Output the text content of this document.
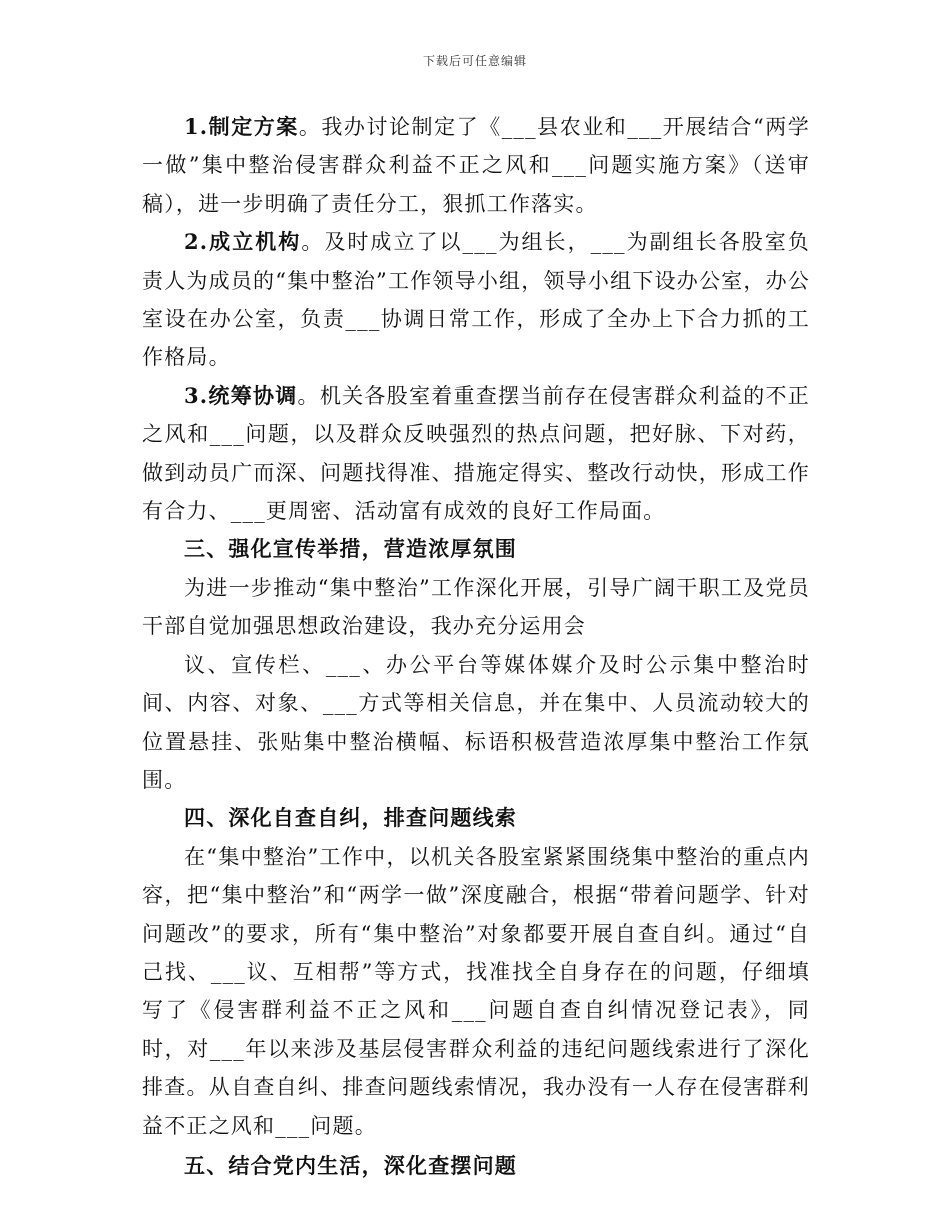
下载后可任意编辑

1.制定方案。我办讨论制定了《___县农业和___开展结合“两学一做”集中整治侵害群众利益不正之风和___问题实施方案》（送审稿），进一步明确了责任分工，狠抓工作落实。

2.成立机构。及时成立了以___为组长，___为副组长各股室负责人为成员的“集中整治”工作领导小组，领导小组下设办公室，办公室设在办公室，负责___协调日常工作，形成了全办上下合力抓的工作格局。

3.统筹协调。机关各股室着重查摆当前存在侵害群众利益的不正之风和___问题，以及群众反映强烈的热点问题，把好脉、下对药，做到动员广而深、问题找得准、措施定得实、整改行动快，形成工作有合力、___更周密、活动富有成效的良好工作局面。

三、强化宣传举措，营造浓厚氛围

为进一步推动“集中整治”工作深化开展，引导广阔干职工及党员干部自觉加强思想政治建设，我办充分运用会

议、宣传栏、___、办公平台等媒体媒介及时公示集中整治时间、内容、对象、___方式等相关信息，并在集中、人员流动较大的位置悬挂、张贴集中整治横幅、标语积极营造浓厚集中整治工作氛围。

四、深化自查自纠，排查问题线索

在“集中整治”工作中，以机关各股室紧紧围绕集中整治的重点内容，把“集中整治”和“两学一做”深度融合，根据“带着问题学、针对问题改”的要求，所有“集中整治”对象都要开展自查自纠。通过“自己找、___议、互相帮”等方式，找准找全自身存在的问题，仔细填写了《侵害群利益不正之风和___问题自查自纠情况登记表》，同时，对___年以来涉及基层侵害群众利益的违纪问题线索进行了深化排查。从自查自纠、排查问题线索情况，我办没有一人存在侵害群利益不正之风和___问题。

五、结合党内生活，深化查摆问题
